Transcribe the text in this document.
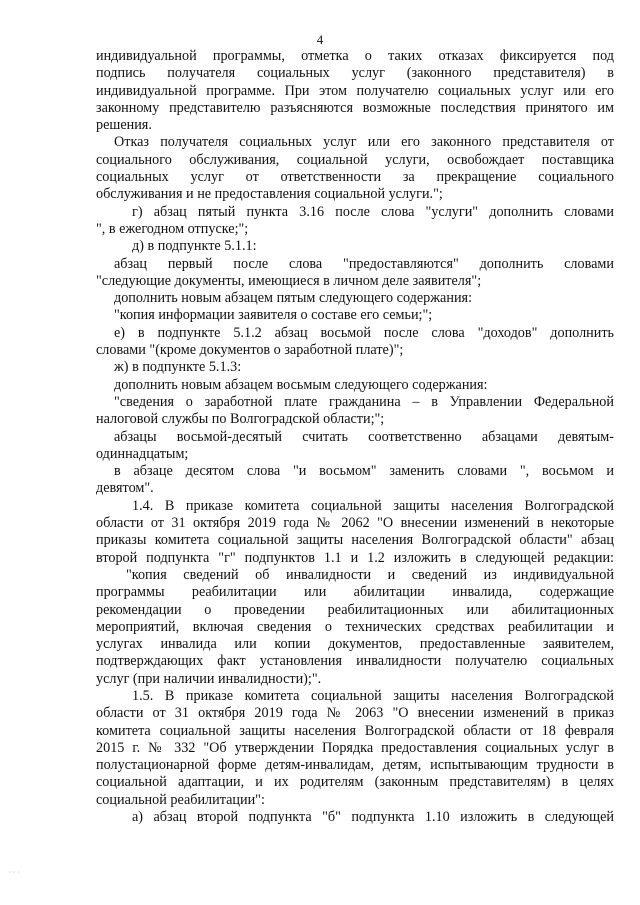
4
индивидуальной программы, отметка о таких отказах фиксируется под
подпись получателя социальных услуг (законного представителя) в
индивидуальной программе. При этом получателю социальных услуг или его
законному представителю разъясняются возможные последствия принятого им
решения.
Отказ получателя социальных услуг или его законного представителя от
социального обслуживания, социальной услуги, освобождает поставщика
социальных услуг от ответственности за прекращение социального
обслуживания и не предоставления социальной услуги.";
г) абзац пятый пункта 3.16 после слова "услуги" дополнить словами
", в ежегодном отпуске;";
д) в подпункте 5.1.1:
абзац первый после слова "предоставляются" дополнить словами
"следующие документы, имеющиеся в личном деле заявителя";
дополнить новым абзацем пятым следующего содержания:
"копия информации заявителя о составе его семьи;";
е) в подпункте 5.1.2 абзац восьмой после слова "доходов" дополнить
словами "(кроме документов о заработной плате)";
ж) в подпункте 5.1.3:
дополнить новым абзацем восьмым следующего содержания:
"сведения о заработной плате гражданина – в Управлении Федеральной
налоговой службы по Волгоградской области;";
абзацы восьмой-десятый считать соответственно абзацами девятым-
одиннадцатым;
в абзаце десятом слова "и восьмом" заменить словами ", восьмом и
девятом".
1.4. В приказе комитета социальной защиты населения Волгоградской
области от 31 октября 2019 года № 2062 "О внесении изменений в некоторые
приказы комитета социальной защиты населения Волгоградской области" абзац
второй подпункта "г" подпунктов 1.1 и 1.2 изложить в следующей редакции:
"копия сведений об инвалидности и сведений из индивидуальной
программы реабилитации или абилитации инвалида, содержащие
рекомендации о проведении реабилитационных или абилитационных
мероприятий, включая сведения о технических средствах реабилитации и
услугах инвалида или копии документов, предоставленные заявителем,
подтверждающих факт установления инвалидности получателю социальных
услуг (при наличии инвалидности);".
1.5. В приказе комитета социальной защиты населения Волгоградской
области от 31 октября 2019 года № 2063 "О внесении изменений в приказ
комитета социальной защиты населения Волгоградской области от 18 февраля
2015 г. № 332 "Об утверждении Порядка предоставления социальных услуг в
полустационарной форме детям-инвалидам, детям, испытывающим трудности в
социальной адаптации, и их родителям (законным представителям) в целях
социальной реабилитации":
а) абзац второй подпункта "б" подпункта 1.10 изложить в следующей
· · ·
